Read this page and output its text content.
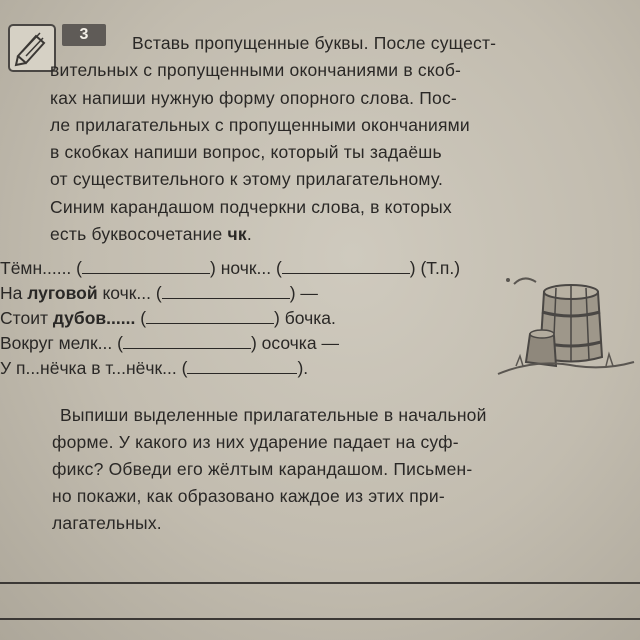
3	Вставь пропущенные буквы. После сущест-
вительных с пропущенными окончаниями в скоб-
ках напиши нужную форму опорного слова. Пос-
ле прилагательных с пропущенными окончаниями
в скобках напиши вопрос, который ты задаёшь
от существительного к этому прилагательному.
Синим карандашом подчеркни слова, в которых
есть буквосочетание чк.
Тёмн...... (	) ночк... (	) (Т.п.)
На луговой кочк... (	) —
Стоит дубов...... (	) бочка.
Вокруг мелк... (	) осочка —
У п...нёчка в т...нёчк... (	).
Выпиши выделенные прилагательные в начальной
форме. У какого из них ударение падает на суф-
фикс? Обведи его жёлтым карандашом. Письмен-
но покажи, как образовано каждое из этих при-
лагательных.
